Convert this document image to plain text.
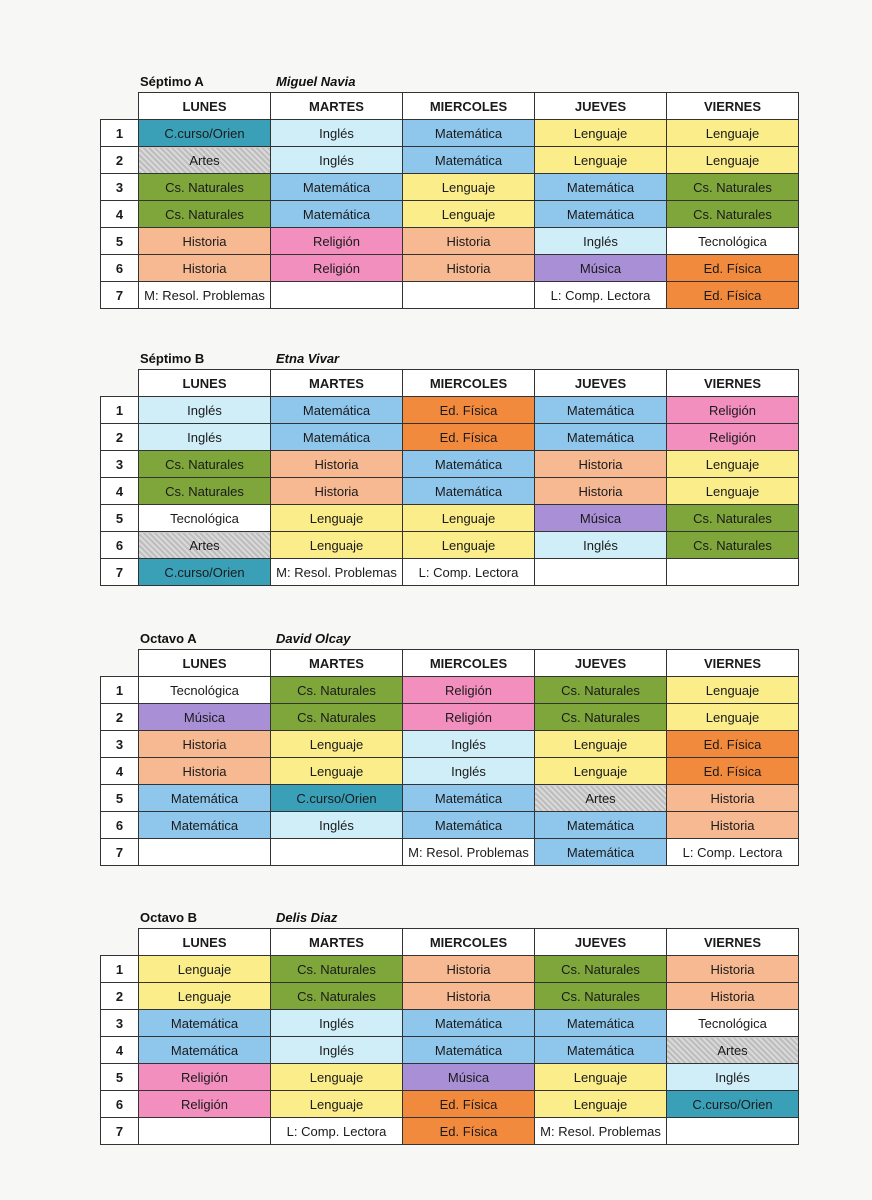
Séptimo A	Miguel Navia
	LUNES	MARTES	MIERCOLES	JUEVES	VIERNES
1	C.curso/Orien	Inglés	Matemática	Lenguaje	Lenguaje
2	Artes	Inglés	Matemática	Lenguaje	Lenguaje
3	Cs. Naturales	Matemática	Lenguaje	Matemática	Cs. Naturales
4	Cs. Naturales	Matemática	Lenguaje	Matemática	Cs. Naturales
5	Historia	Religión	Historia	Inglés	Tecnológica
6	Historia	Religión	Historia	Música	Ed. Física
7	M: Resol. Problemas			L: Comp. Lectora	Ed. Física
Séptimo B	Etna Vivar
	LUNES	MARTES	MIERCOLES	JUEVES	VIERNES
1	Inglés	Matemática	Ed. Física	Matemática	Religión
2	Inglés	Matemática	Ed. Física	Matemática	Religión
3	Cs. Naturales	Historia	Matemática	Historia	Lenguaje
4	Cs. Naturales	Historia	Matemática	Historia	Lenguaje
5	Tecnológica	Lenguaje	Lenguaje	Música	Cs. Naturales
6	Artes	Lenguaje	Lenguaje	Inglés	Cs. Naturales
7	C.curso/Orien	M: Resol. Problemas	L: Comp. Lectora		
Octavo A	David Olcay
	LUNES	MARTES	MIERCOLES	JUEVES	VIERNES
1	Tecnológica	Cs. Naturales	Religión	Cs. Naturales	Lenguaje
2	Música	Cs. Naturales	Religión	Cs. Naturales	Lenguaje
3	Historia	Lenguaje	Inglés	Lenguaje	Ed. Física
4	Historia	Lenguaje	Inglés	Lenguaje	Ed. Física
5	Matemática	C.curso/Orien	Matemática	Artes	Historia
6	Matemática	Inglés	Matemática	Matemática	Historia
7			M: Resol. Problemas	Matemática	L: Comp. Lectora
Octavo B	Delis Diaz
	LUNES	MARTES	MIERCOLES	JUEVES	VIERNES
1	Lenguaje	Cs. Naturales	Historia	Cs. Naturales	Historia
2	Lenguaje	Cs. Naturales	Historia	Cs. Naturales	Historia
3	Matemática	Inglés	Matemática	Matemática	Tecnológica
4	Matemática	Inglés	Matemática	Matemática	Artes
5	Religión	Lenguaje	Música	Lenguaje	Inglés
6	Religión	Lenguaje	Ed. Física	Lenguaje	C.curso/Orien
7		L: Comp. Lectora	Ed. Física	M: Resol. Problemas	
